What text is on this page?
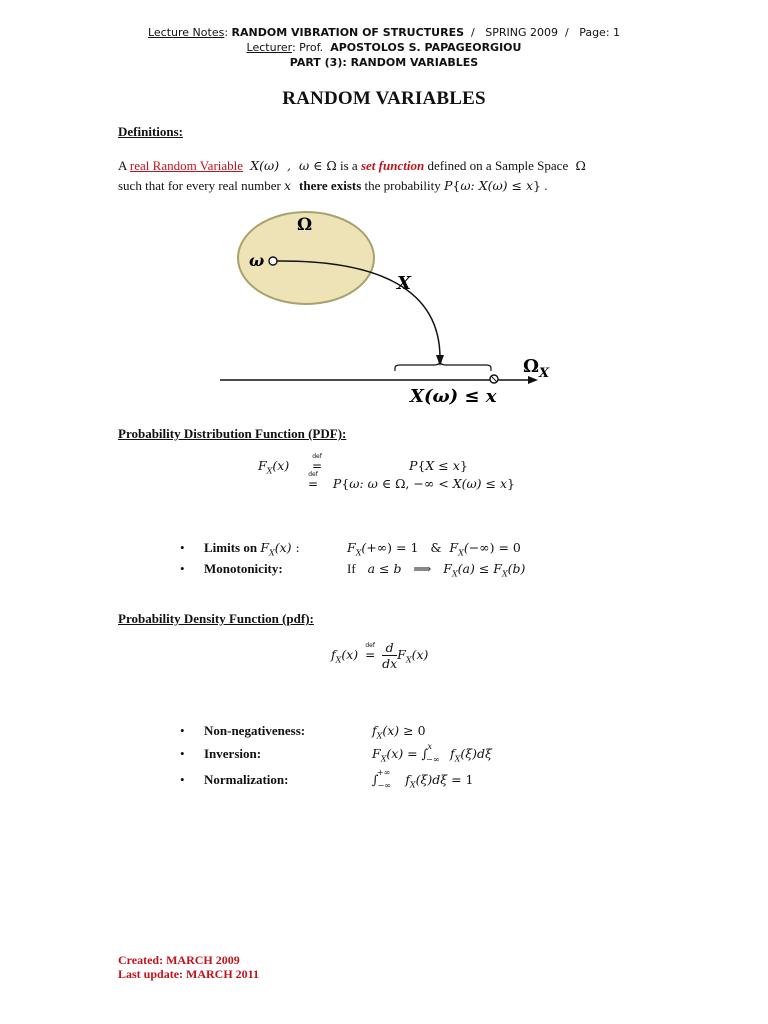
Lecture Notes: RANDOM VIBRATION OF STRUCTURES  /   SPRING 2009  /   Page: 1
Lecturer: Prof. APOSTOLOS S. PAPAGEORGIOU
PART (3): RANDOM VARIABLES
RANDOM VARIABLES
Definitions:
A real Random Variable  X(ω)  ,  ω ∈ Ω is a set function defined on a Sample Space  Ω
such that for every real number x  there exists the probability P{ω: X(ω) ≤ x} .
Ω
ω
X
$\Omega_X$
X(ω) ≤ x
Probability Distribution Function (PDF):
$F_X(x)$
def
=	P{X ≤ x}
def
=   P{ω: ω ∈ Ω, −∞ < X(ω) ≤ x}
• Limits on $F_X(x)$ :	$F_X(+\infty) = 1$   &  $F_X(-\infty) = 0$
• Monotonicity:	If   a ≤ b   ⟹   $F_X(a) \le F_X(b)$
Probability Density Function (pdf):
$f_X(x)$
def
= $\frac{d}{dx} F_X(x)$
• Non-negativeness:	$f_X(x) \ge 0$
• Inversion:	$F_X(x) = \int_{-\infty}^x$ $f_X(\xi)d\xi$
• Normalization:	$\int_{-\infty}^{+\infty}$ $f_X(\xi)d\xi = 1$
Created: MARCH 2009
Last update: MARCH 2011
